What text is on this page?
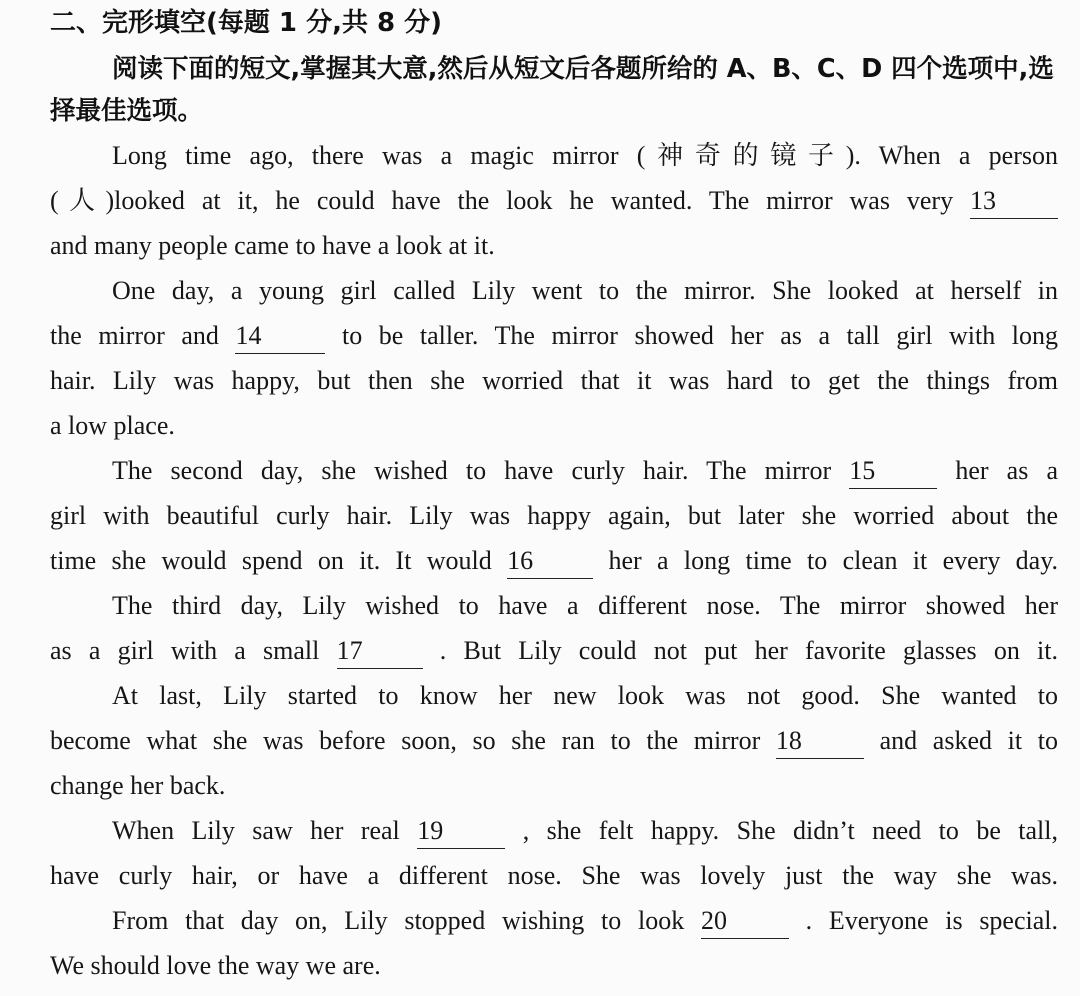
二、完形填空(每题 1 分,共 8 分)
阅读下面的短文,掌握其大意,然后从短文后各题所给的 A、B、C、D 四个选项中,选择最佳选项。
Long time ago, there was a magic mirror (神奇的镜子). When a person
(人)looked at it, he could have the look he wanted. The mirror was very 13
and many people came to have a look at it.
One day, a young girl called Lily went to the mirror. She looked at herself in
the mirror and 14	to be taller. The mirror showed her as a tall girl with long
hair. Lily was happy, but then she worried that it was hard to get the things from
a low place.
The second day, she wished to have curly hair. The mirror 15	her as a
girl with beautiful curly hair. Lily was happy again, but later she worried about the
time she would spend on it. It would 16	her a long time to clean it every day.
The third day, Lily wished to have a different nose. The mirror showed her
as a girl with a small 17	. But Lily could not put her favorite glasses on it.
At last, Lily started to know her new look was not good. She wanted to
become what she was before soon, so she ran to the mirror 18	and asked it to
change her back.
When Lily saw her real 19	, she felt happy. She didn’t need to be tall,
have curly hair, or have a different nose. She was lovely just the way she was.
From that day on, Lily stopped wishing to look 20	. Everyone is special.
We should love the way we are.
